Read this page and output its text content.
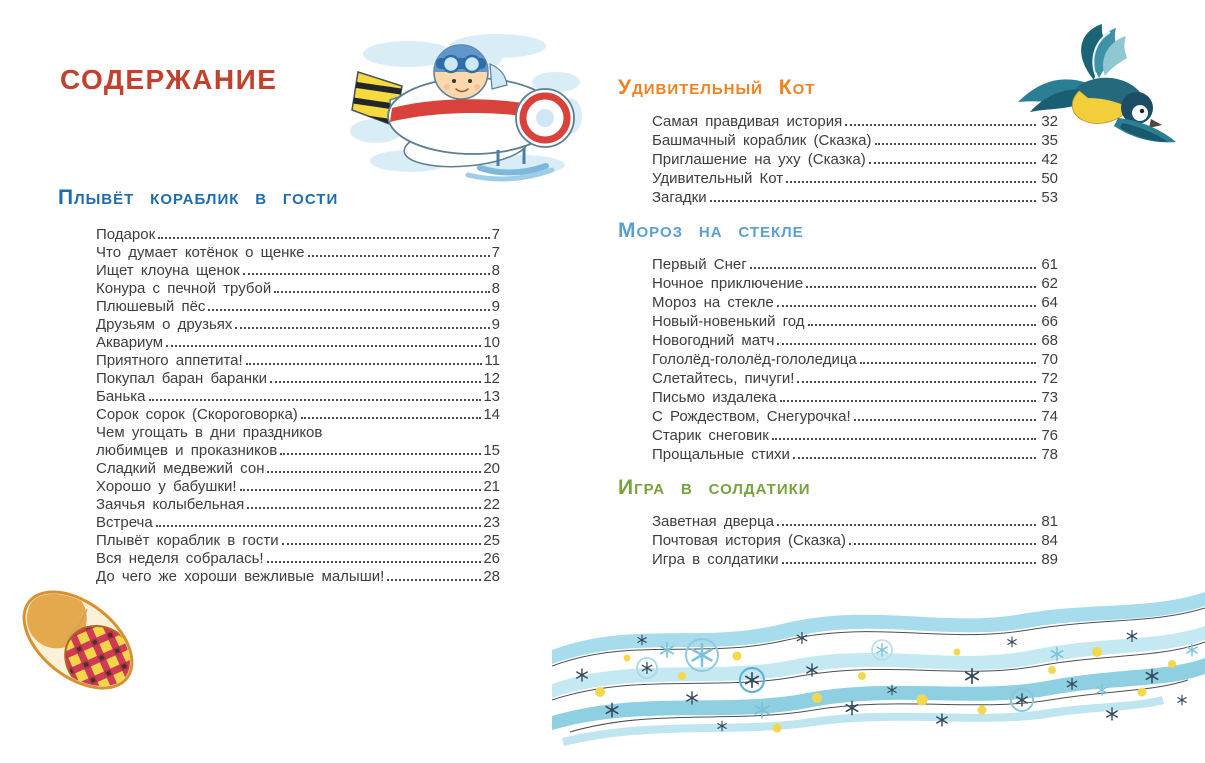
СОДЕРЖАНИЕ
Плывёт кораблик в гости
Подарок	7
Что думает котёнок о щенке	7
Ищет клоуна щенок	8
Конура с печной трубой	8
Плюшевый пёс	9
Друзьям о друзьях	9
Аквариум	10
Приятного аппетита!	11
Покупал баран баранки	12
Банька	13
Сорок сорок (Скороговорка)	14
Чем угощать в дни праздников
любимцев и проказников	15
Сладкий медвежий сон	20
Хорошо у бабушки!	21
Заячья колыбельная	22
Встреча	23
Плывёт кораблик в гости	25
Вся неделя собралась!	26
До чего же хороши вежливые малыши!	28
Удивительный Кот
Самая правдивая история	32
Башмачный кораблик (Сказка)	35
Приглашение на уху (Сказка)	42
Удивительный Кот	50
Загадки	53
Мороз на стекле
Первый Снег	61
Ночное приключение	62
Мороз на стекле	64
Новый-новенький год	66
Новогодний матч	68
Гололёд-гололёд-гололедица	70
Слетайтесь, пичуги!	72
Письмо издалека	73
С Рождеством, Снегурочка!	74
Старик снеговик	76
Прощальные стихи	78
Игра в солдатики
Заветная дверца	81
Почтовая история (Сказка)	84
Игра в солдатики	89
